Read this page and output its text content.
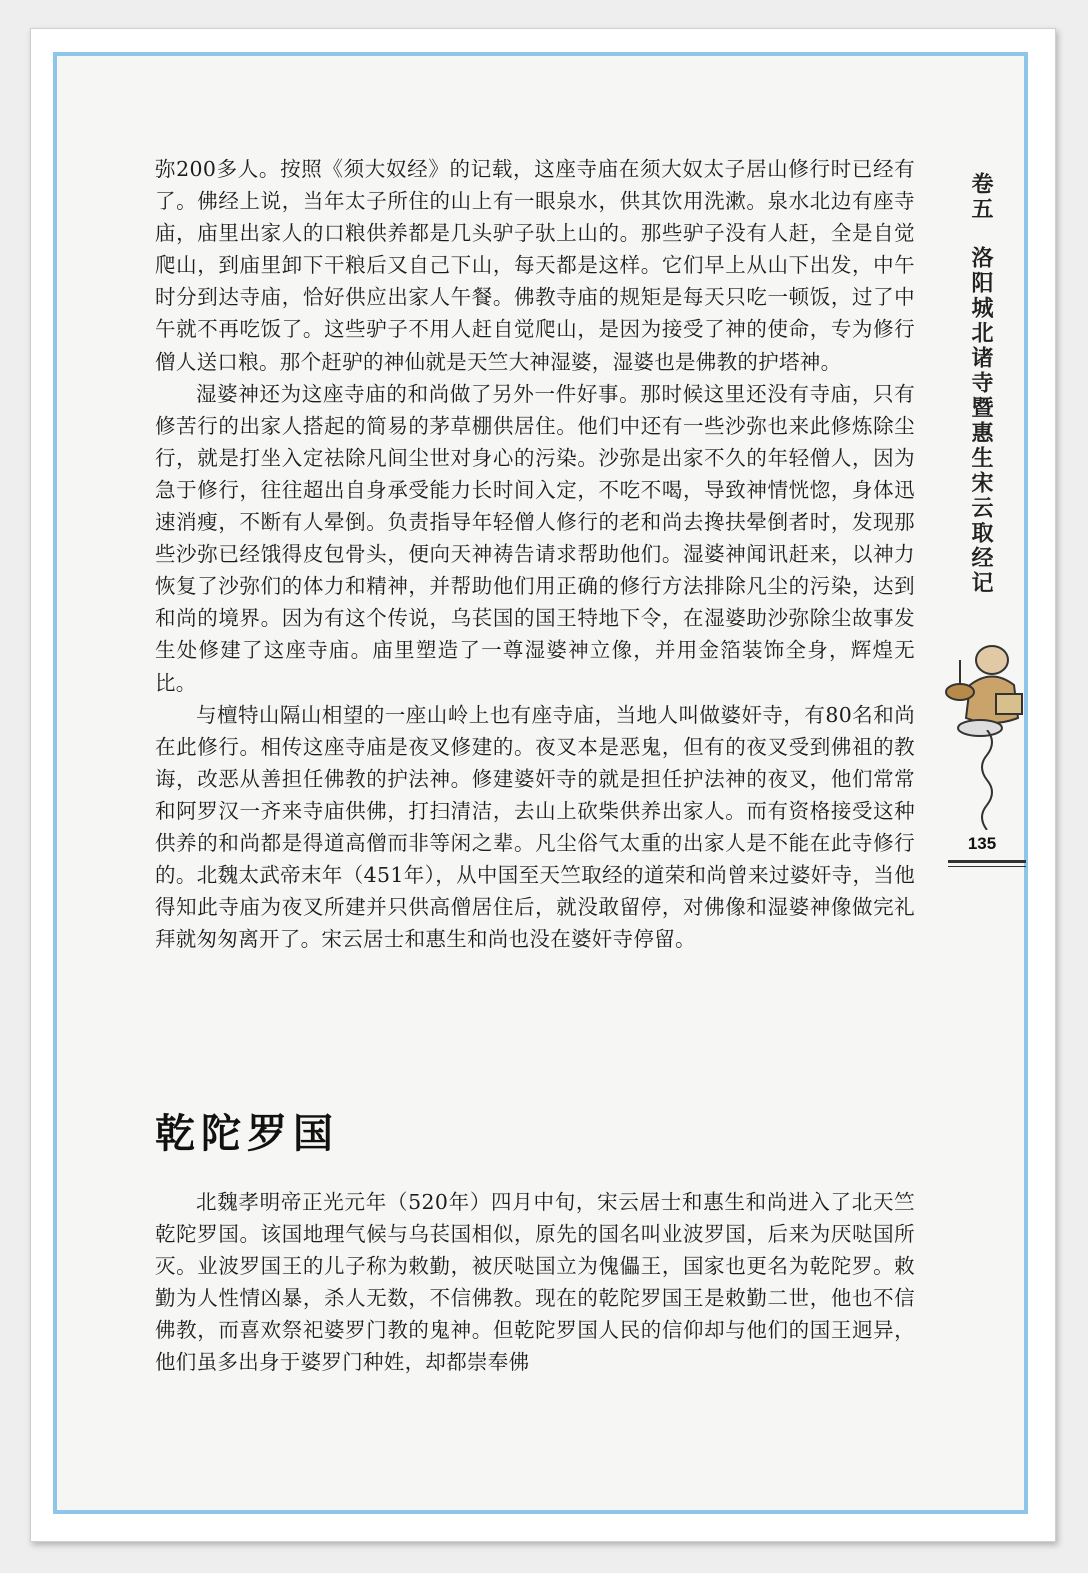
弥200多人。按照《须大奴经》的记载，这座寺庙在须大奴太子居山修行时已经有了。佛经上说，当年太子所住的山上有一眼泉水，供其饮用洗漱。泉水北边有座寺庙，庙里出家人的口粮供养都是几头驴子驮上山的。那些驴子没有人赶，全是自觉爬山，到庙里卸下干粮后又自己下山，每天都是这样。它们早上从山下出发，中午时分到达寺庙，恰好供应出家人午餐。佛教寺庙的规矩是每天只吃一顿饭，过了中午就不再吃饭了。这些驴子不用人赶自觉爬山，是因为接受了神的使命，专为修行僧人送口粮。那个赶驴的神仙就是天竺大神湿婆，湿婆也是佛教的护塔神。

湿婆神还为这座寺庙的和尚做了另外一件好事。那时候这里还没有寺庙，只有修苦行的出家人搭起的简易的茅草棚供居住。他们中还有一些沙弥也来此修炼除尘行，就是打坐入定祛除凡间尘世对身心的污染。沙弥是出家不久的年轻僧人，因为急于修行，往往超出自身承受能力长时间入定，不吃不喝，导致神情恍惚，身体迅速消瘦，不断有人晕倒。负责指导年轻僧人修行的老和尚去搀扶晕倒者时，发现那些沙弥已经饿得皮包骨头，便向天神祷告请求帮助他们。湿婆神闻讯赶来，以神力恢复了沙弥们的体力和精神，并帮助他们用正确的修行方法排除凡尘的污染，达到和尚的境界。因为有这个传说，乌苌国的国王特地下令，在湿婆助沙弥除尘故事发生处修建了这座寺庙。庙里塑造了一尊湿婆神立像，并用金箔装饰全身，辉煌无比。

与檀特山隔山相望的一座山岭上也有座寺庙，当地人叫做婆奸寺，有80名和尚在此修行。相传这座寺庙是夜叉修建的。夜叉本是恶鬼，但有的夜叉受到佛祖的教诲，改恶从善担任佛教的护法神。修建婆奸寺的就是担任护法神的夜叉，他们常常和阿罗汉一齐来寺庙供佛，打扫清洁，去山上砍柴供养出家人。而有资格接受这种供养的和尚都是得道高僧而非等闲之辈。凡尘俗气太重的出家人是不能在此寺修行的。北魏太武帝末年（451年），从中国至天竺取经的道荣和尚曾来过婆奸寺，当他得知此寺庙为夜叉所建并只供高僧居住后，就没敢留停，对佛像和湿婆神像做完礼拜就匆匆离开了。宋云居士和惠生和尚也没在婆奸寺停留。

乾陀罗国

北魏孝明帝正光元年（520年）四月中旬，宋云居士和惠生和尚进入了北天竺乾陀罗国。该国地理气候与乌苌国相似，原先的国名叫业波罗国，后来为厌哒国所灭。业波罗国王的儿子称为敕勤，被厌哒国立为傀儡王，国家也更名为乾陀罗。敕勤为人性情凶暴，杀人无数，不信佛教。现在的乾陀罗国王是敕勤二世，他也不信佛教，而喜欢祭祀婆罗门教的鬼神。但乾陀罗国人民的信仰却与他们的国王迥异，他们虽多出身于婆罗门种姓，却都崇奉佛

卷五洛阳城北诸寺暨惠生宋云取经记
135
